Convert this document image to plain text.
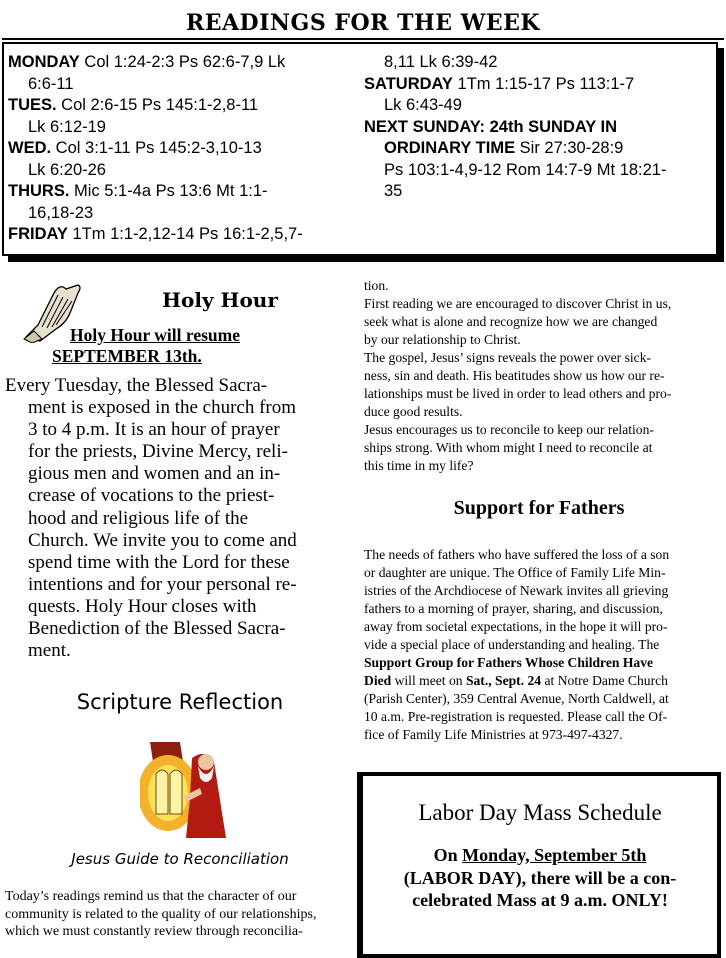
READINGS FOR THE WEEK
MONDAY Col 1:24-2:3 Ps 62:6-7,9 Lk
6:6-11
TUES. Col 2:6-15 Ps 145:1-2,8-11
Lk 6:12-19
WED. Col 3:1-11 Ps 145:2-3,10-13
Lk 6:20-26
THURS. Mic 5:1-4a Ps 13:6 Mt 1:1-
16,18-23
FRIDAY 1Tm 1:1-2,12-14 Ps 16:1-2,5,7-
8,11 Lk 6:39-42
SATURDAY 1Tm 1:15-17 Ps 113:1-7
Lk 6:43-49
NEXT SUNDAY: 24th SUNDAY IN
ORDINARY TIME Sir 27:30-28:9
Ps 103:1-4,9-12 Rom 14:7-9 Mt 18:21-
35
Holy Hour
Holy Hour will resume
SEPTEMBER 13th.
Every Tuesday, the Blessed Sacra-
ment is exposed in the church from
3 to 4 p.m. It is an hour of prayer
for the priests, Divine Mercy, reli-
gious men and women and an in-
crease of vocations to the priest-
hood and religious life of the
Church. We invite you to come and
spend time with the Lord for these
intentions and for your personal re-
quests. Holy Hour closes with
Benediction of the Blessed Sacra-
ment.
Scripture Reflection
Jesus Guide to Reconciliation
Today’s readings remind us that the character of our
community is related to the quality of our relationships,
which we must constantly review through reconcilia-
tion.
First reading we are encouraged to discover Christ in us,
seek what is alone and recognize how we are changed
by our relationship to Christ.
The gospel, Jesus’ signs reveals the power over sick-
ness, sin and death. His beatitudes show us how our re-
lationships must be lived in order to lead others and pro-
duce good results.
Jesus encourages us to reconcile to keep our relation-
ships strong. With whom might I need to reconcile at
this time in my life?
Support for Fathers
The needs of fathers who have suffered the loss of a son
or daughter are unique. The Office of Family Life Min-
istries of the Archdiocese of Newark invites all grieving
fathers to a morning of prayer, sharing, and discussion,
away from societal expectations, in the hope it will pro-
vide a special place of understanding and healing. The
Support Group for Fathers Whose Children Have
Died will meet on Sat., Sept. 24 at Notre Dame Church
(Parish Center), 359 Central Avenue, North Caldwell, at
10 a.m. Pre-registration is requested. Please call the Of-
fice of Family Life Ministries at 973-497-4327.
Labor Day Mass Schedule
On Monday, September 5th
(LABOR DAY), there will be a con-
celebrated Mass at 9 a.m. ONLY!
